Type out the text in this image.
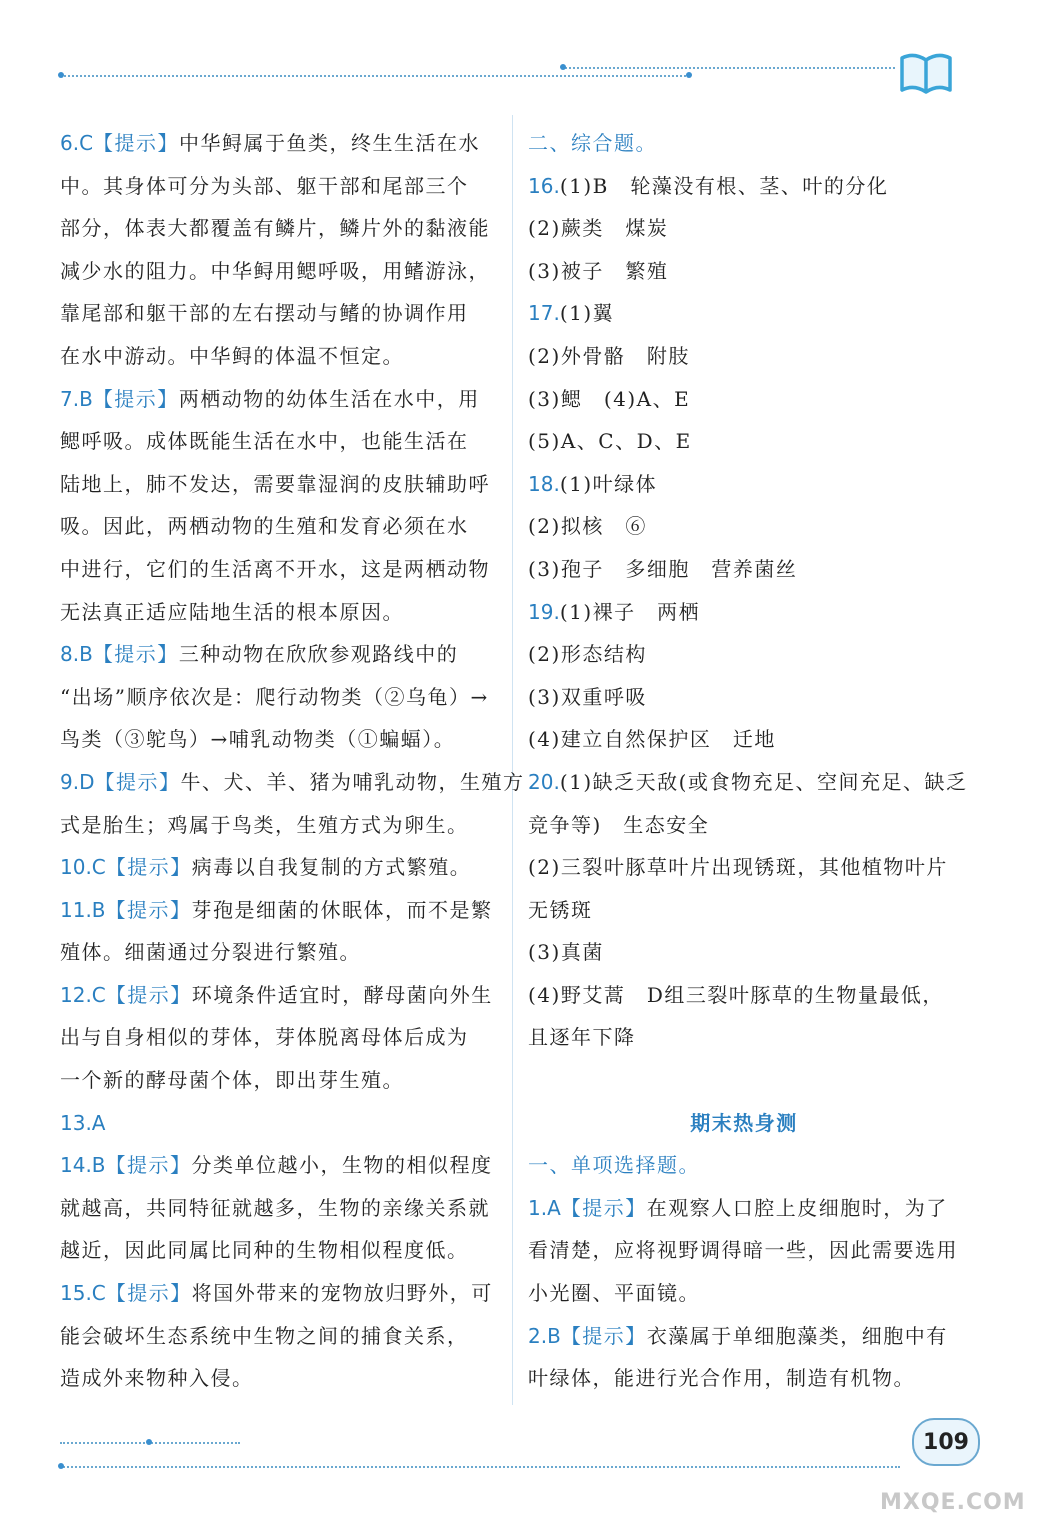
6.C【提示】中华鲟属于鱼类，终生生活在水
中。其身体可分为头部、躯干部和尾部三个
部分，体表大都覆盖有鳞片，鳞片外的黏液能
减少水的阻力。中华鲟用鳃呼吸，用鳍游泳，
靠尾部和躯干部的左右摆动与鳍的协调作用
在水中游动。中华鲟的体温不恒定。
7.B【提示】两栖动物的幼体生活在水中，用
鳃呼吸。成体既能生活在水中，也能生活在
陆地上，肺不发达，需要靠湿润的皮肤辅助呼
吸。因此，两栖动物的生殖和发育必须在水
中进行，它们的生活离不开水，这是两栖动物
无法真正适应陆地生活的根本原因。
8.B【提示】三种动物在欣欣参观路线中的
“出场”顺序依次是：爬行动物类（②乌龟）→
鸟类（③鸵鸟）→哺乳动物类（①蝙蝠）。
9.D【提示】牛、犬、羊、猪为哺乳动物，生殖方
式是胎生；鸡属于鸟类，生殖方式为卵生。
10.C【提示】病毒以自我复制的方式繁殖。
11.B【提示】芽孢是细菌的休眠体，而不是繁
殖体。细菌通过分裂进行繁殖。
12.C【提示】环境条件适宜时，酵母菌向外生
出与自身相似的芽体，芽体脱离母体后成为
一个新的酵母菌个体，即出芽生殖。
13.A
14.B【提示】分类单位越小，生物的相似程度
就越高，共同特征就越多，生物的亲缘关系就
越近，因此同属比同种的生物相似程度低。
15.C【提示】将国外带来的宠物放归野外，可
能会破坏生态系统中生物之间的捕食关系，
造成外来物种入侵。
二、综合题。
16.(1)B　轮藻没有根、茎、叶的分化
(2)蕨类　煤炭
(3)被子　繁殖
17.(1)翼
(2)外骨骼　附肢
(3)鳃　(4)A、E
(5)A、C、D、E
18.(1)叶绿体
(2)拟核　⑥
(3)孢子　多细胞　营养菌丝
19.(1)裸子　两栖
(2)形态结构
(3)双重呼吸
(4)建立自然保护区　迁地
20.(1)缺乏天敌(或食物充足、空间充足、缺乏
竞争等)　生态安全
(2)三裂叶豚草叶片出现锈斑，其他植物叶片
无锈斑
(3)真菌
(4)野艾蒿　D组三裂叶豚草的生物量最低，
且逐年下降
期末热身测
一、单项选择题。
1.A【提示】在观察人口腔上皮细胞时，为了
看清楚，应将视野调得暗一些，因此需要选用
小光圈、平面镜。
2.B【提示】衣藻属于单细胞藻类，细胞中有
叶绿体，能进行光合作用，制造有机物。
109
MXQE.COM
